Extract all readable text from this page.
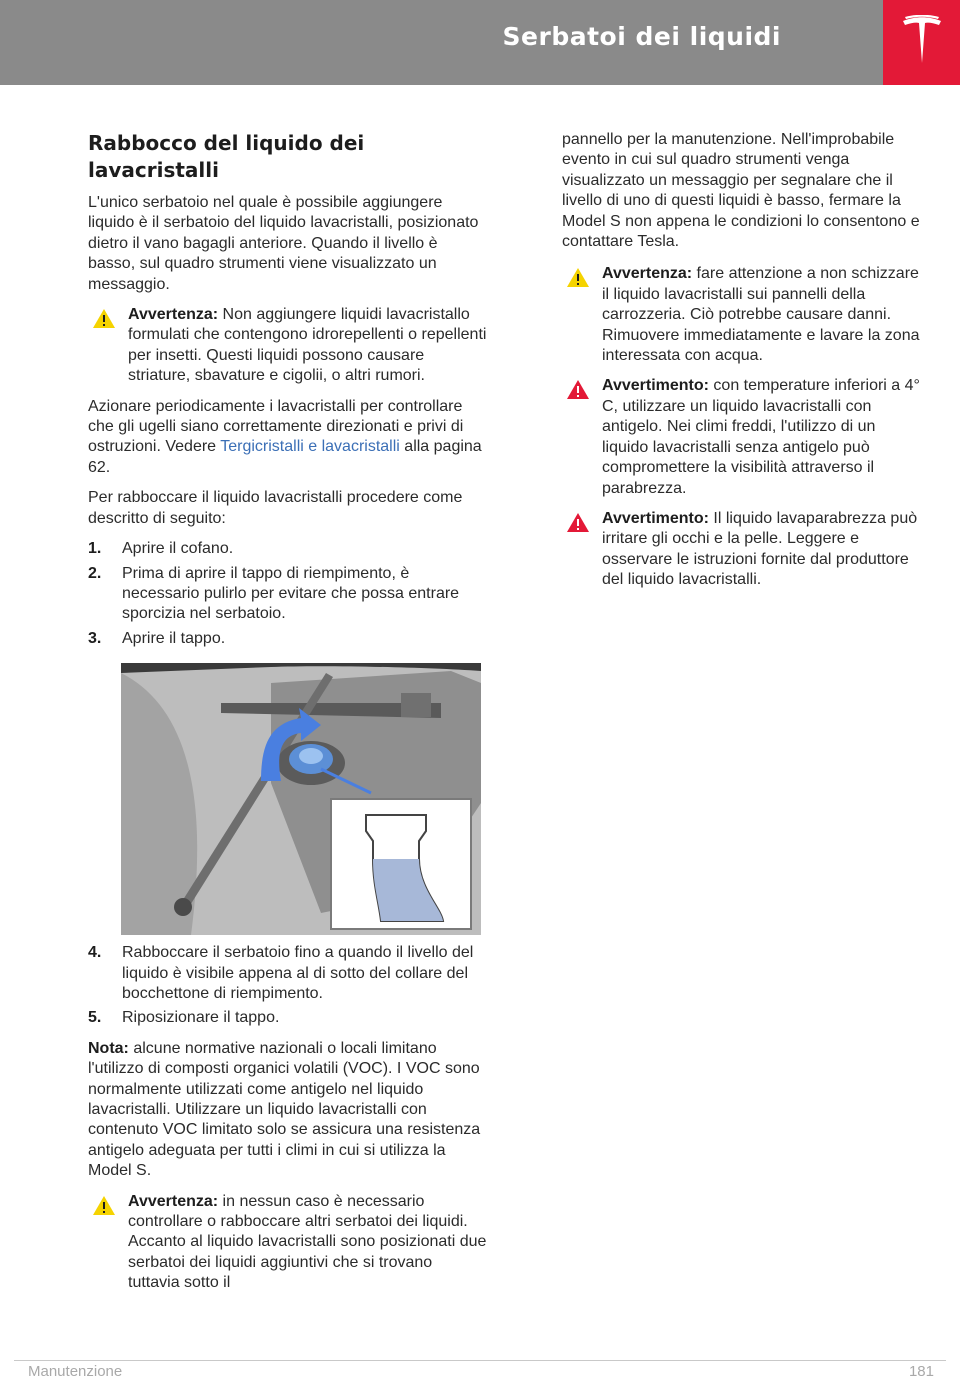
Serbatoi dei liquidi
Rabbocco del liquido dei lavacristalli

L'unico serbatoio nel quale è possibile aggiungere liquido è il serbatoio del liquido lavacristalli, posizionato dietro il vano bagagli anteriore. Quando il livello è basso, sul quadro strumenti viene visualizzato un messaggio.

Avvertenza: Non aggiungere liquidi lavacristallo formulati che contengono idrorepellenti o repellenti per insetti. Questi liquidi possono causare striature, sbavature e cigolii, o altri rumori.

Azionare periodicamente i lavacristalli per controllare che gli ugelli siano correttamente direzionati e privi di ostruzioni. Vedere Tergicristalli e lavacristalli alla pagina 62.

Per rabboccare il liquido lavacristalli procedere come descritto di seguito:

1. Aprire il cofano.
2. Prima di aprire il tappo di riempimento, è necessario pulirlo per evitare che possa entrare sporcizia nel serbatoio.
3. Aprire il tappo.
4. Rabboccare il serbatoio fino a quando il livello del liquido è visibile appena al di sotto del collare del bocchettone di riempimento.
5. Riposizionare il tappo.

Nota: alcune normative nazionali o locali limitano l'utilizzo di composti organici volatili (VOC). I VOC sono normalmente utilizzati come antigelo nel liquido lavacristalli. Utilizzare un liquido lavacristalli con contenuto VOC limitato solo se assicura una resistenza antigelo adeguata per tutti i climi in cui si utilizza la Model S.

Avvertenza: in nessun caso è necessario controllare o rabboccare altri serbatoi dei liquidi. Accanto al liquido lavacristalli sono posizionati due serbatoi dei liquidi aggiuntivi che si trovano tuttavia sotto il

pannello per la manutenzione. Nell'improbabile evento in cui sul quadro strumenti venga visualizzato un messaggio per segnalare che il livello di uno di questi liquidi è basso, fermare la Model S non appena le condizioni lo consentono e contattare Tesla.

Avvertenza: fare attenzione a non schizzare il liquido lavacristalli sui pannelli della carrozzeria. Ciò potrebbe causare danni. Rimuovere immediatamente e lavare la zona interessata con acqua.
Avvertimento: con temperature inferiori a 4° C, utilizzare un liquido lavacristalli con antigelo. Nei climi freddi, l'utilizzo di un liquido lavacristalli senza antigelo può compromettere la visibilità attraverso il parabrezza.
Avvertimento: Il liquido lavaparabrezza può irritare gli occhi e la pelle. Leggere e osservare le istruzioni fornite dal produttore del liquido lavacristalli.
Manutenzione	181
